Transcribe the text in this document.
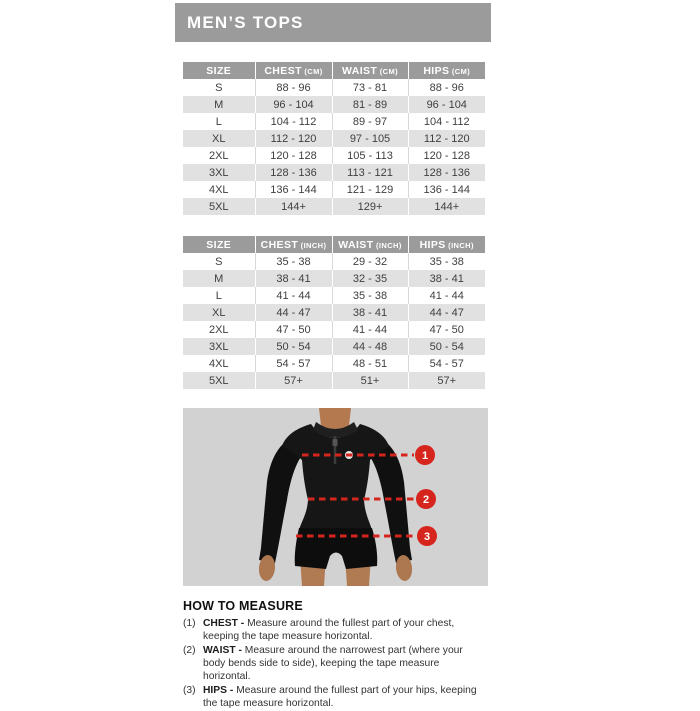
MEN’S TOPS
SIZE	CHEST (CM)	WAIST (CM)	HIPS (CM)
S	88 - 96	73 - 81	88 - 96
M	96 - 104	81 - 89	96 - 104
L	104 - 112	89 - 97	104 - 112
XL	112 - 120	97 - 105	112 - 120
2XL	120 - 128	105 - 113	120 - 128
3XL	128 - 136	113 - 121	128 - 136
4XL	136 - 144	121 - 129	136 - 144
5XL	144+	129+	144+
SIZE	CHEST (INCH)	WAIST (INCH)	HIPS (INCH)
S	35 - 38	29 - 32	35 - 38
M	38 - 41	32 - 35	38 - 41
L	41 - 44	35 - 38	41 - 44
XL	44 - 47	38 - 41	44 - 47
2XL	47 - 50	41 - 44	47 - 50
3XL	50 - 54	44 - 48	50 - 54
4XL	54 - 57	48 - 51	54 - 57
5XL	57+	51+	57+
1
2
3
HOW TO MEASURE
(1) CHEST - Measure around the fullest part of your chest, keeping the tape measure horizontal.
(2) WAIST - Measure around the narrowest part (where your body bends side to side), keeping the tape measure horizontal.
(3) HIPS - Measure around the fullest part of your hips, keeping the tape measure horizontal.
